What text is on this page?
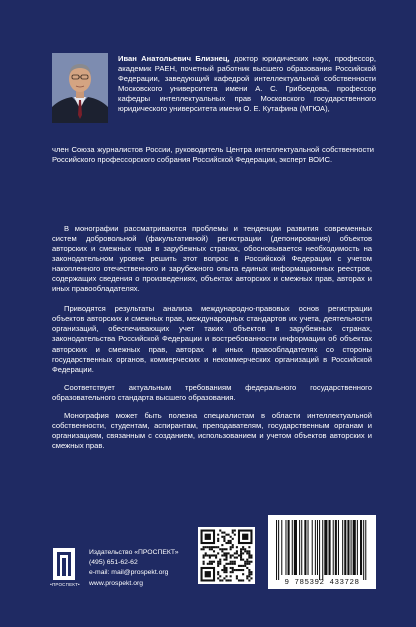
Иван Анатольевич Близнец, доктор юридических наук, профессор, академик РАЕН, почетный работник высшего образования Российской Федерации, заведующий кафедрой интеллектуальной собственности Московского университета имени А. С. Грибоедова, профессор кафедры интеллектуальных прав Московского государственного юридического университета имени О. Е. Кутафина (МГЮА),

член Союза журналистов России, руководитель Центра интеллектуальной собственности Российского профессорского собрания Российской Федерации, эксперт ВОИС.

В монографии рассматриваются проблемы и тенденции развития современных систем добровольной (факультативной) регистрации (депонирования) объектов авторских и смежных прав в зарубежных странах, обосновывается необходимость на законодательном уровне решить этот вопрос в Российской Федерации с учетом накопленного отечественного и зарубежного опыта единых информационных реестров, содержащих сведения о произведениях, объектах авторских и смежных прав, авторах и иных правообладателях.

Приводятся результаты анализа международно-правовых основ регистрации объектов авторских и смежных прав, международных стандартов их учета, деятельности организаций, обеспечивающих учет таких объектов в зарубежных странах, законодательства Российской Федерации и востребованности информации об объектах авторских и смежных прав, авторах и иных правообладателях со стороны государственных органов, коммерческих и некоммерческих организаций в Российской Федерации.

Соответствует актуальным требованиям федерального государственного образовательного стандарта высшего образования.

Монография может быть полезна специалистам в области интеллектуальной собственности, студентам, аспирантам, преподавателям, государственным органам и организациям, связанным с созданием, использованием и учетом объектов авторских и смежных прав.

•ПРОСПЕКТ•
Издательство «ПРОСПЕКТ»
(495) 651-62-62
e-mail: mail@prospekt.org
www.prospekt.org	9 785392 433728
